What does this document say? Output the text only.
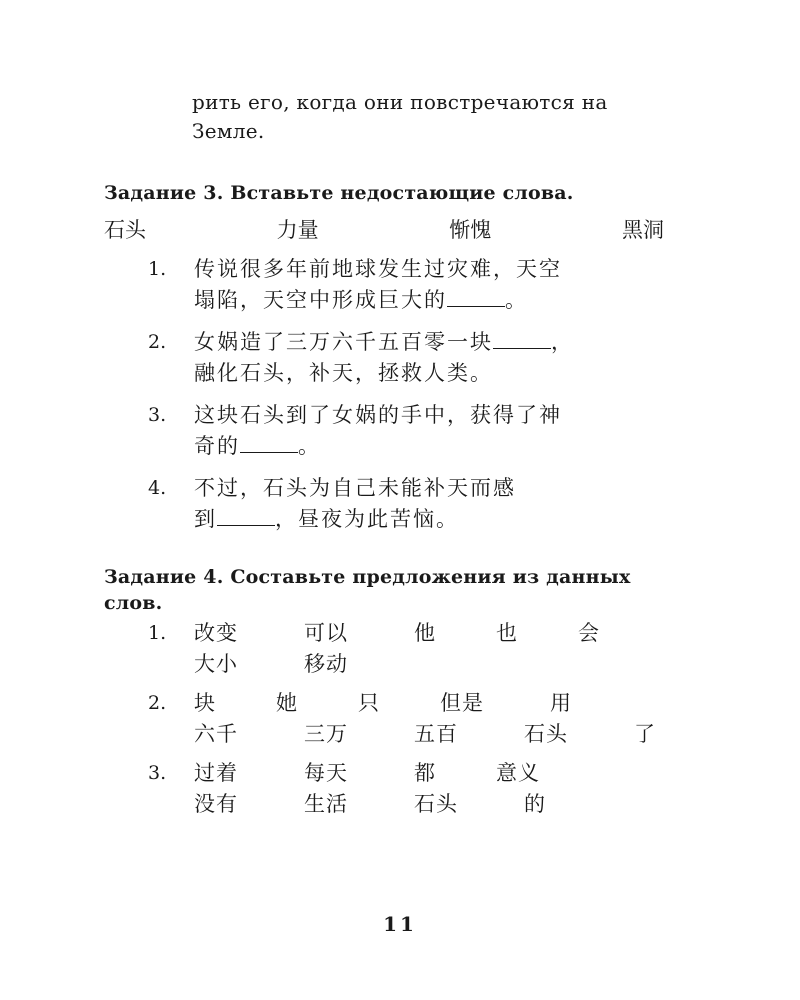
рить его, когда они повстречаются на
Земле.
Задание 3. Вставьте недостающие слова.
石头	力量	惭愧	黑洞
1.	传说很多年前地球发生过灾难，天空
塌陷，天空中形成巨大的	。
2.	女娲造了三万六千五百零一块	，
融化石头，补天，拯救人类。
3.	这块石头到了女娲的手中，获得了神
奇的	。
4.	不过，石头为自己未能补天而感
到	，昼夜为此苦恼。
Задание 4. Составьте предложения из данных
слов.
1.	改变	可以	他	也	会
大小	移动
2.	块	她	只	但是	用
六千	三万	五百	石头	了
3.	过着	每天	都	意义
没有	生活	石头	的
11
